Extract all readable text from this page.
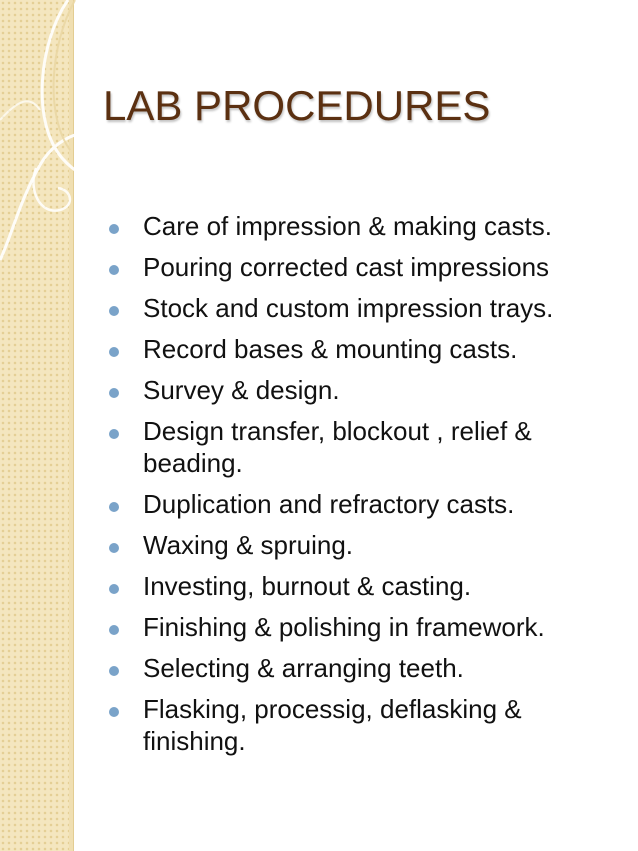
LAB PROCEDURES
Care of impression & making casts.
Pouring corrected cast impressions
Stock and custom impression trays.
Record bases & mounting casts.
Survey & design.
Design transfer, blockout , relief & beading.
Duplication and refractory casts.
Waxing & spruing.
Investing, burnout & casting.
Finishing & polishing in framework.
Selecting & arranging teeth.
Flasking, processig, deflasking & finishing.
